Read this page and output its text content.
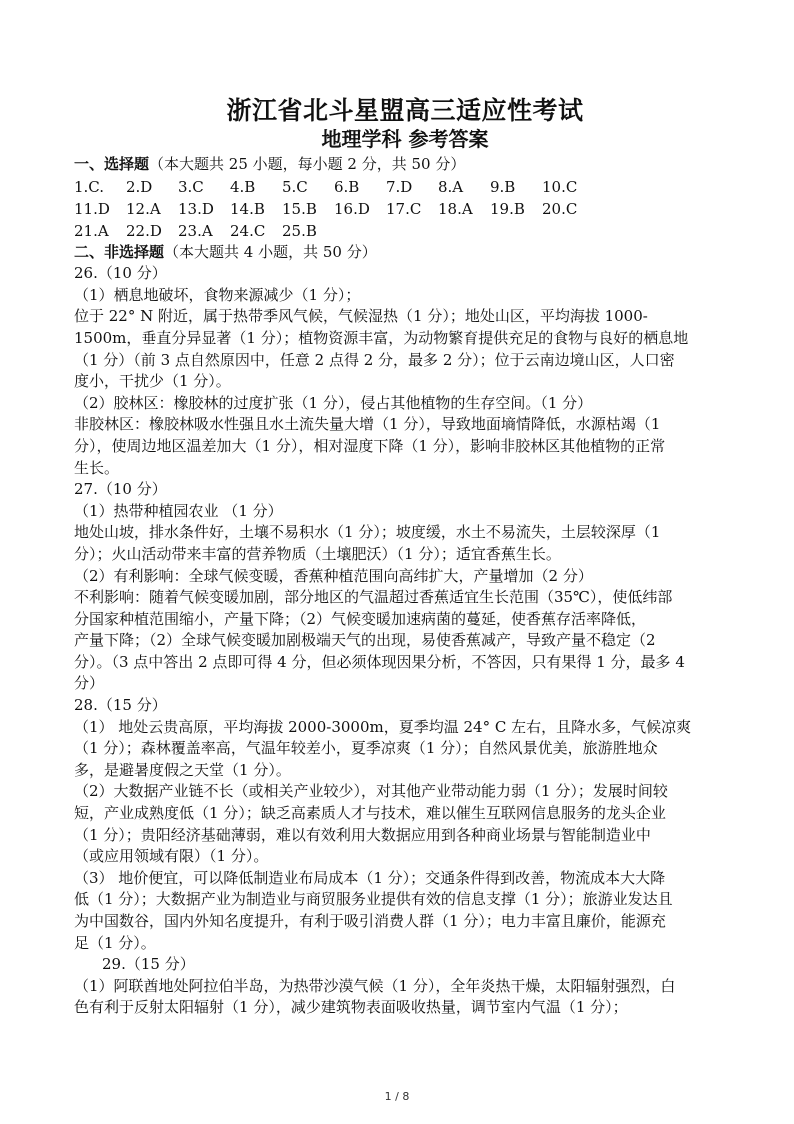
浙江省北斗星盟高三适应性考试
地理学科 参考答案
一、选择题（本大题共 25 小题，每小题 2 分，共 50 分）
1.C.	2.D	3.C	4.B	5.C	6.B	7.D	8.A	9.B	10.C
11.D	12.A	13.D	14.B	15.B	16.D	17.C	18.A	19.B	20.C
21.A	22.D	23.A	24.C	25.B
二、非选择题（本大题共 4 小题，共 50 分）
26.（10 分）
（1）栖息地破坏，食物来源减少（1 分）；
位于 22° N 附近，属于热带季风气候，气候湿热（1 分）；地处山区，平均海拔 1000-
1500m，垂直分异显著（1 分）；植物资源丰富，为动物繁育提供充足的食物与良好的栖息地
（1 分）（前 3 点自然原因中，任意 2 点得 2 分，最多 2 分）；位于云南边境山区，人口密
度小，干扰少（1 分）。
（2）胶林区：橡胶林的过度扩张（1 分），侵占其他植物的生存空间。（1 分）
非胶林区：橡胶林吸水性强且水土流失量大增（1 分），导致地面墒情降低，水源枯竭（1
分），使周边地区温差加大（1 分），相对湿度下降（1 分），影响非胶林区其他植物的正常
生长。
27.（10 分）
（1）热带种植园农业 （1 分）
地处山坡，排水条件好，土壤不易积水（1 分）；坡度缓，水土不易流失，土层较深厚（1
分）；火山活动带来丰富的营养物质（土壤肥沃）（1 分）；适宜香蕉生长。
（2）有利影响：全球气候变暖，香蕉种植范围向高纬扩大，产量增加（2 分）
不利影响：随着气候变暖加剧，部分地区的气温超过香蕉适宜生长范围（35℃），使低纬部
分国家种植范围缩小，产量下降；（2）气候变暖加速病菌的蔓延，使香蕉存活率降低，
产量下降；（2）全球气候变暖加剧极端天气的出现，易使香蕉减产，导致产量不稳定（2
分）。（3 点中答出 2 点即可得 4 分，但必须体现因果分析，不答因，只有果得 1 分，最多 4
分）
28.（15 分）
（1） 地处云贵高原，平均海拔 2000-3000m，夏季均温 24° C 左右，且降水多，气候凉爽
（1 分）；森林覆盖率高，气温年较差小，夏季凉爽（1 分）；自然风景优美，旅游胜地众
多，是避暑度假之天堂（1 分）。
（2）大数据产业链不长（或相关产业较少），对其他产业带动能力弱（1 分）；发展时间较
短，产业成熟度低（1 分）；缺乏高素质人才与技术，难以催生互联网信息服务的龙头企业
（1 分）；贵阳经济基础薄弱，难以有效利用大数据应用到各种商业场景与智能制造业中
（或应用领域有限）（1 分）。
（3） 地价便宜，可以降低制造业布局成本（1 分）；交通条件得到改善，物流成本大大降
低（1 分）；大数据产业为制造业与商贸服务业提供有效的信息支撑（1 分）；旅游业发达且
为中国数谷，国内外知名度提升，有利于吸引消费人群（1 分）；电力丰富且廉价，能源充
足（1 分）。
29.（15 分）
（1）阿联酋地处阿拉伯半岛，为热带沙漠气候（1 分），全年炎热干燥，太阳辐射强烈，白
色有利于反射太阳辐射（1 分），减少建筑物表面吸收热量，调节室内气温（1 分）；
1 / 8
